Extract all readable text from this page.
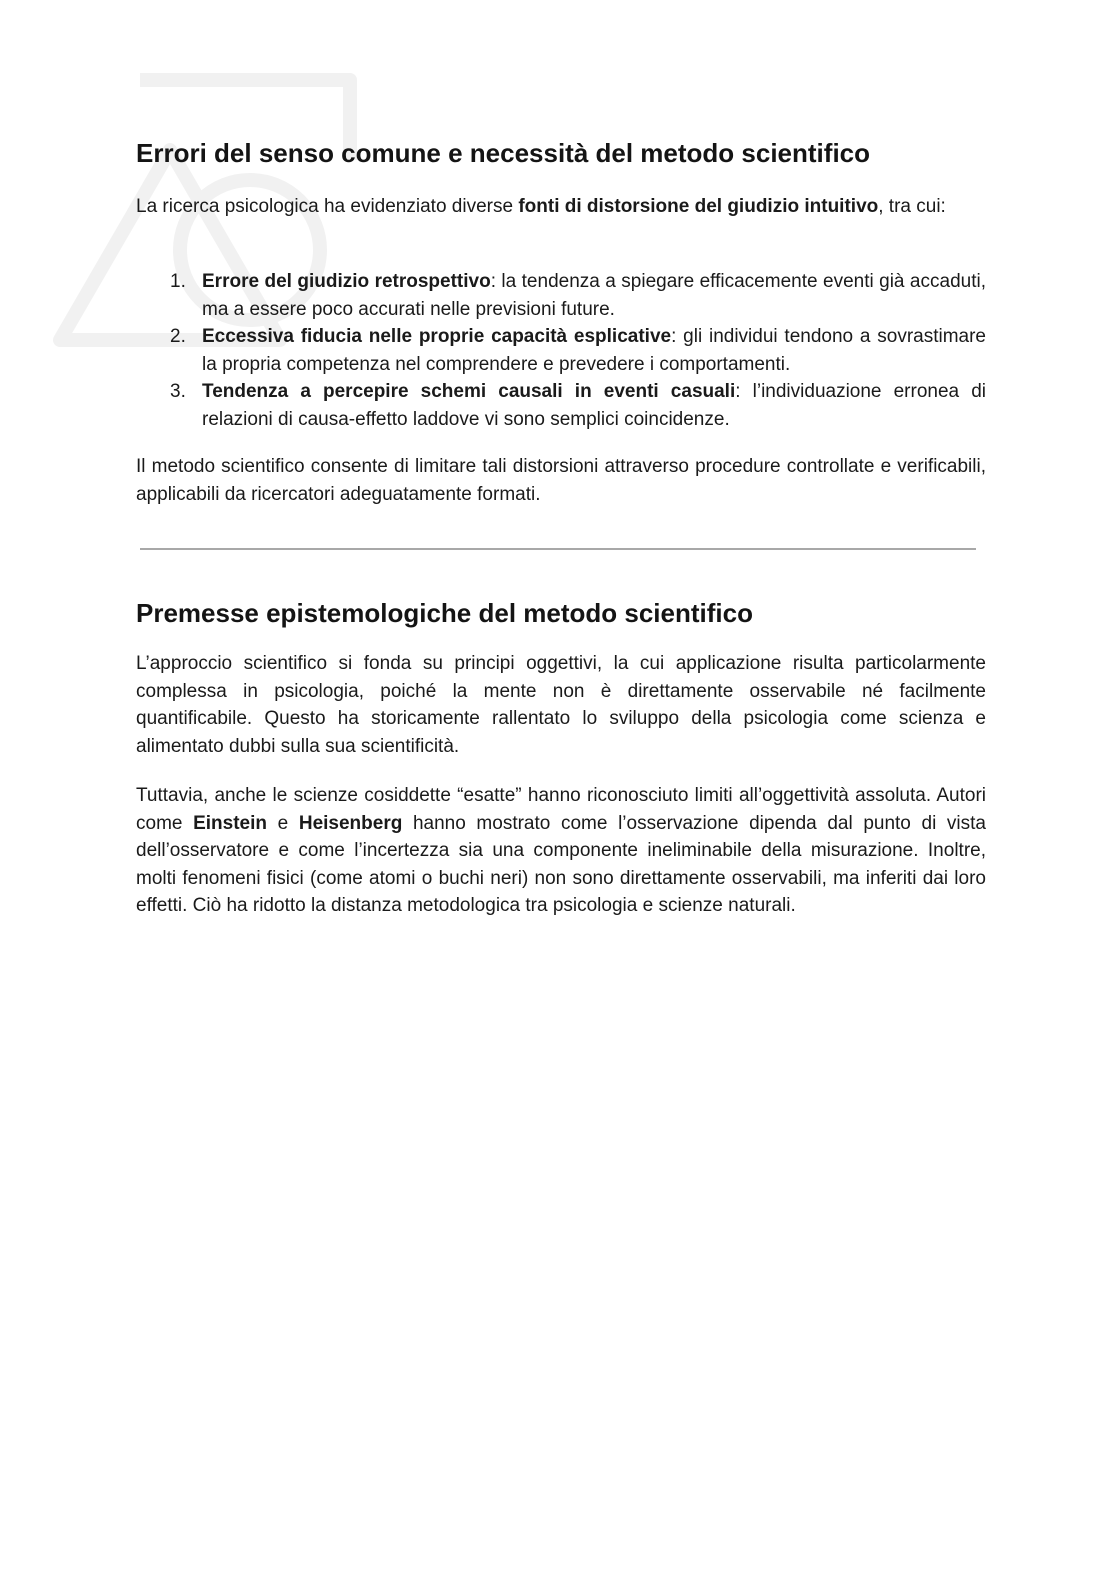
Errori del senso comune e necessità del metodo scientifico

La ricerca psicologica ha evidenziato diverse fonti di distorsione del giudizio intuitivo, tra cui:

1. Errore del giudizio retrospettivo: la tendenza a spiegare efficacemente eventi già accaduti, ma a essere poco accurati nelle previsioni future.
2. Eccessiva fiducia nelle proprie capacità esplicative: gli individui tendono a sovrastimare la propria competenza nel comprendere e prevedere i comportamenti.
3. Tendenza a percepire schemi causali in eventi casuali: l’individuazione erronea di relazioni di causa-effetto laddove vi sono semplici coincidenze.

Il metodo scientifico consente di limitare tali distorsioni attraverso procedure controllate e verificabili, applicabili da ricercatori adeguatamente formati.

Premesse epistemologiche del metodo scientifico

L’approccio scientifico si fonda su principi oggettivi, la cui applicazione risulta particolarmente complessa in psicologia, poiché la mente non è direttamente osservabile né facilmente quantificabile. Questo ha storicamente rallentato lo sviluppo della psicologia come scienza e alimentato dubbi sulla sua scientificità.

Tuttavia, anche le scienze cosiddette “esatte” hanno riconosciuto limiti all’oggettività assoluta. Autori come Einstein e Heisenberg hanno mostrato come l’osservazione dipenda dal punto di vista dell’osservatore e come l’incertezza sia una componente ineliminabile della misurazione. Inoltre, molti fenomeni fisici (come atomi o buchi neri) non sono direttamente osservabili, ma inferiti dai loro effetti. Ciò ha ridotto la distanza metodologica tra psicologia e scienze naturali.
